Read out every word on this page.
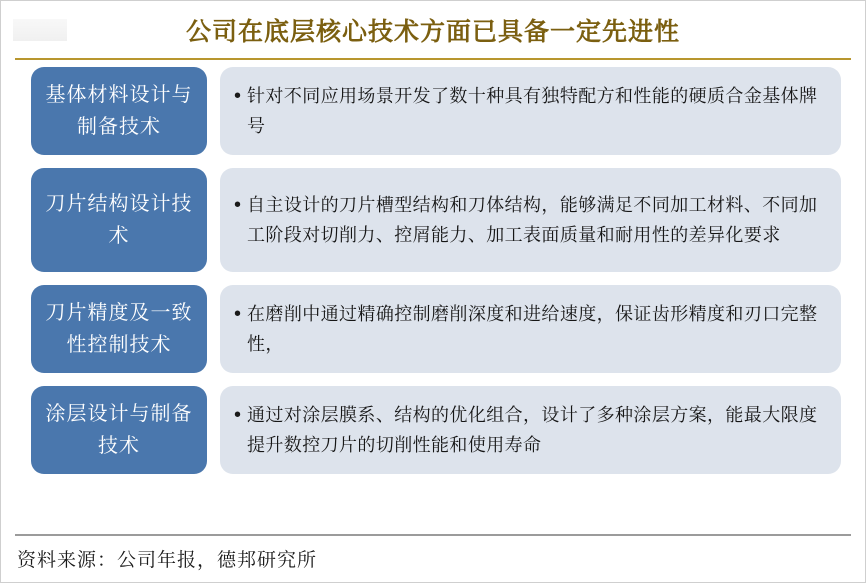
公司在底层核心技术方面已具备一定先进性
基体材料设计与制备技术
• 针对不同应用场景开发了数十种具有独特配方和性能的硬质合金基体牌号
刀片结构设计技术
• 自主设计的刀片槽型结构和刀体结构，能够满足不同加工材料、不同加工阶段对切削力、控屑能力、加工表面质量和耐用性的差异化要求
刀片精度及一致性控制技术
• 在磨削中通过精确控制磨削深度和进给速度，保证齿形精度和刃口完整性，
涂层设计与制备技术
• 通过对涂层膜系、结构的优化组合，设计了多种涂层方案，能最大限度提升数控刀片的切削性能和使用寿命
资料来源：公司年报，德邦研究所
